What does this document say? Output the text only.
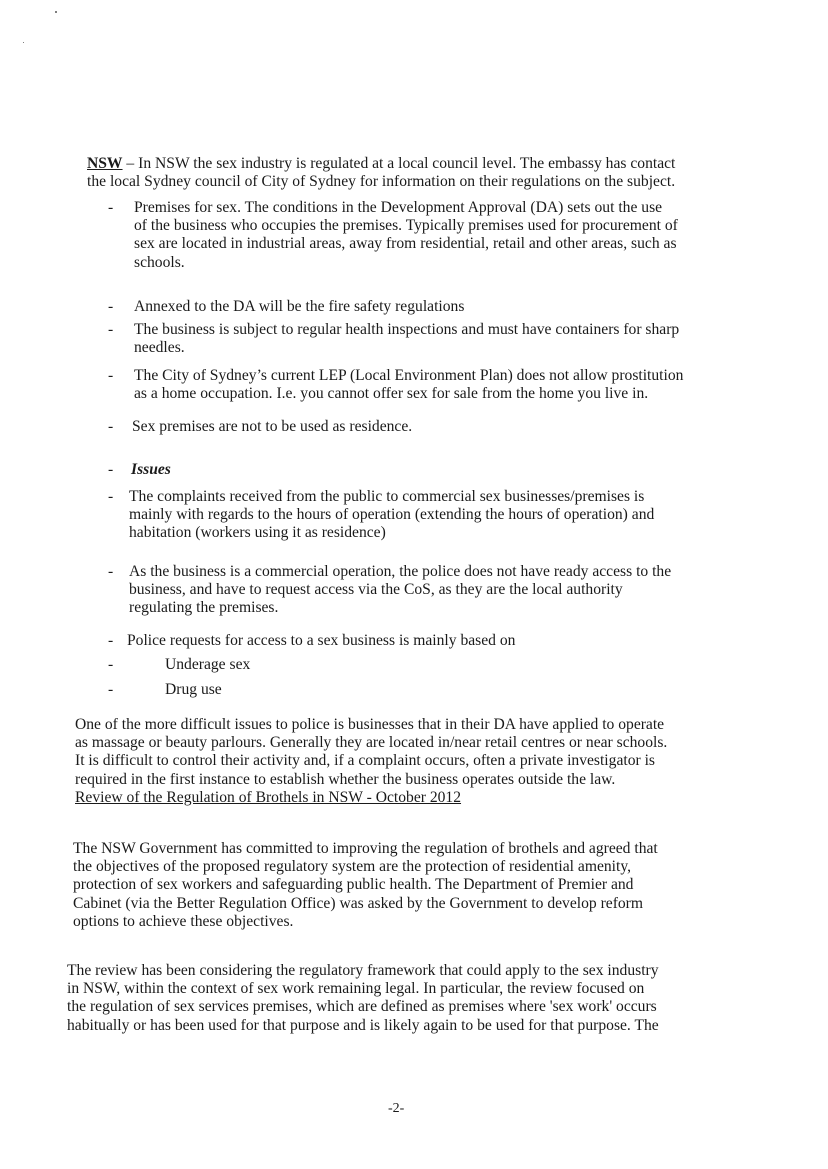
NSW – In NSW the sex industry is regulated at a local council level. The embassy has contact
the local Sydney council of City of Sydney for information on their regulations on the subject.

- Premises for sex. The conditions in the Development Approval (DA) sets out the use
of the business who occupies the premises. Typically premises used for procurement of
sex are located in industrial areas, away from residential, retail and other areas, such as
schools.
- Annexed to the DA will be the fire safety regulations
- The business is subject to regular health inspections and must have containers for sharp
needles.
- The City of Sydney’s current LEP (Local Environment Plan) does not allow prostitution
as a home occupation. I.e. you cannot offer sex for sale from the home you live in.
- Sex premises are not to be used as residence.
- Issues
- The complaints received from the public to commercial sex businesses/premises is
mainly with regards to the hours of operation (extending the hours of operation) and
habitation (workers using it as residence)
- As the business is a commercial operation, the police does not have ready access to the
business, and have to request access via the CoS, as they are the local authority
regulating the premises.
- Police requests for access to a sex business is mainly based on
-	Underage sex
-	Drug use

One of the more difficult issues to police is businesses that in their DA have applied to operate
as massage or beauty parlours. Generally they are located in/near retail centres or near schools.
It is difficult to control their activity and, if a complaint occurs, often a private investigator is
required in the first instance to establish whether the business operates outside the law.
Review of the Regulation of Brothels in NSW - October 2012

The NSW Government has committed to improving the regulation of brothels and agreed that
the objectives of the proposed regulatory system are the protection of residential amenity,
protection of sex workers and safeguarding public health. The Department of Premier and
Cabinet (via the Better Regulation Office) was asked by the Government to develop reform
options to achieve these objectives.

The review has been considering the regulatory framework that could apply to the sex industry
in NSW, within the context of sex work remaining legal. In particular, the review focused on
the regulation of sex services premises, which are defined as premises where 'sex work' occurs
habitually or has been used for that purpose and is likely again to be used for that purpose. The

-2-
